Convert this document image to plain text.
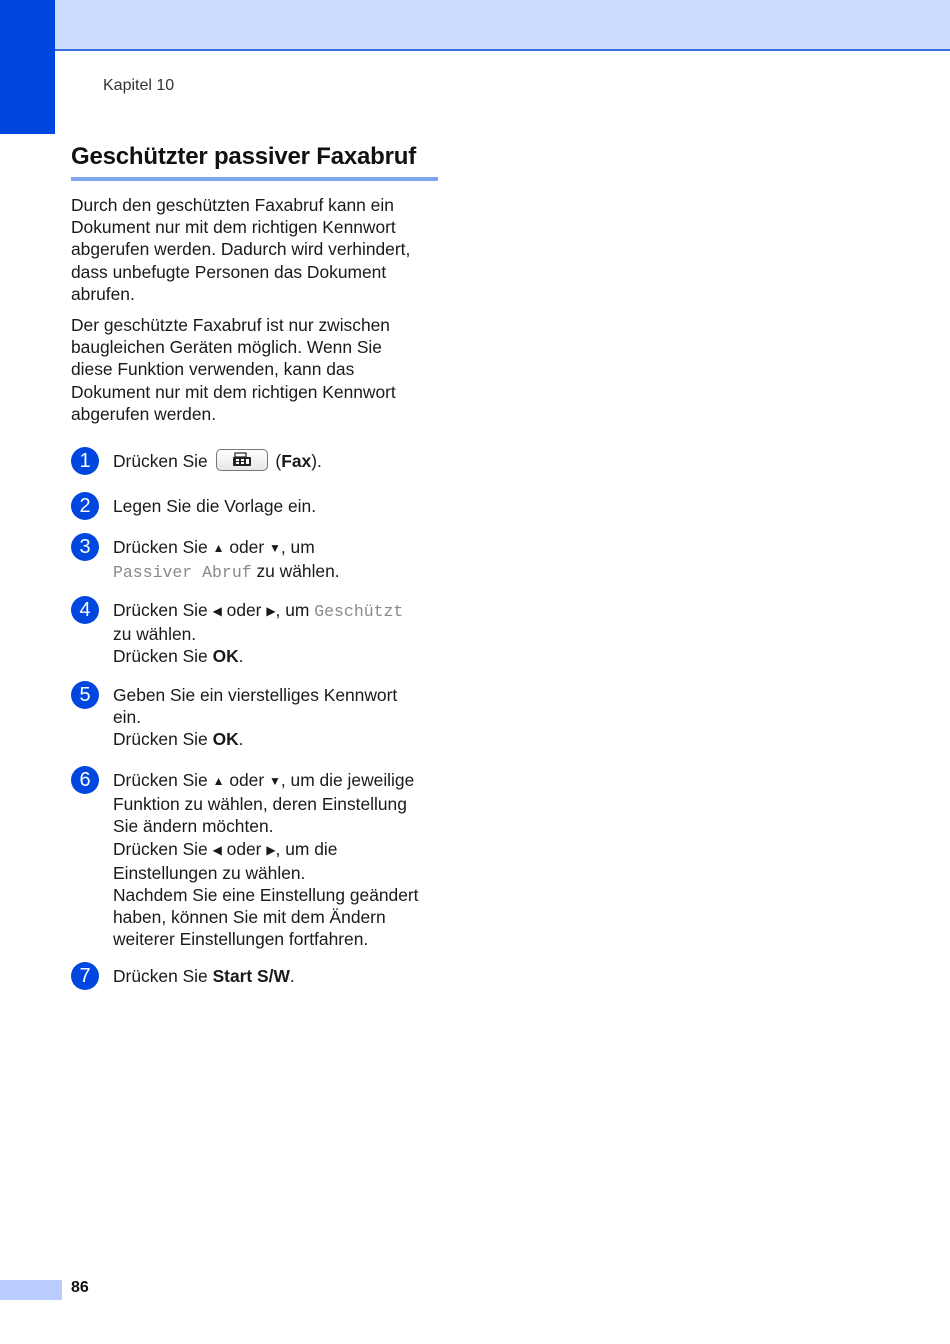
Kapitel 10
Geschützter passiver Faxabruf

Durch den geschützten Faxabruf kann ein
Dokument nur mit dem richtigen Kennwort
abgerufen werden. Dadurch wird verhindert,
dass unbefugte Personen das Dokument
abrufen.

Der geschützte Faxabruf ist nur zwischen
baugleichen Geräten möglich. Wenn Sie
diese Funktion verwenden, kann das
Dokument nur mit dem richtigen Kennwort
abgerufen werden.

1	Drücken Sie	(Fax).
2	Legen Sie die Vorlage ein.
3	Drücken Sie ▲ oder ▼, um
Passiver Abruf zu wählen.
4	Drücken Sie ◀ oder ▶, um Geschützt
zu wählen.
Drücken Sie OK.
5	Geben Sie ein vierstelliges Kennwort
ein.
Drücken Sie OK.
6	Drücken Sie ▲ oder ▼, um die jeweilige
Funktion zu wählen, deren Einstellung
Sie ändern möchten.
Drücken Sie ◀ oder ▶, um die
Einstellungen zu wählen.
Nachdem Sie eine Einstellung geändert
haben, können Sie mit dem Ändern
weiterer Einstellungen fortfahren.
7	Drücken Sie Start S/W.
86
